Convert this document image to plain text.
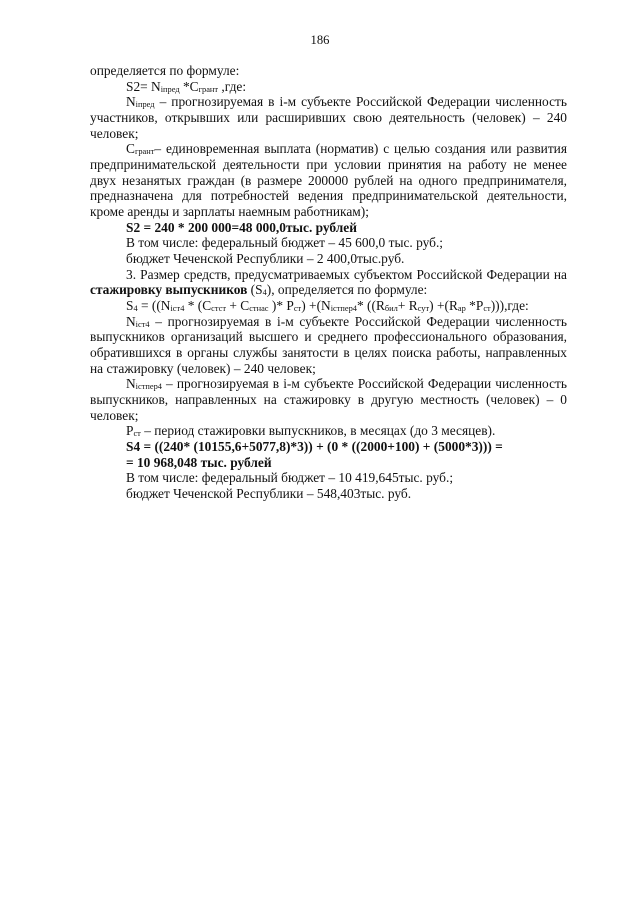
186

определяется по формуле:

$S2= N_{iпред}$ $*С_{грант}$ ,где:

$N_{iпред}$ – прогнозируемая в i-м субъекте Российской Федерации численность участников, открывших или расширивших свою деятельность (человек) – 240 человек;

$С_{грант}-$ единовременная выплата (норматив) с целью создания или развития предпринимательской деятельности при условии принятия на работу не менее двух незанятых граждан (в размере 200000 рублей на одного предпринимателя, предназначена для потребностей ведения предпринимательской деятельности, кроме аренды и зарплаты наемным работникам);

S2 = 240 * 200 000=48 000,0тыс. рублей

В том числе: федеральный бюджет – 45 600,0 тыс. руб.;

бюджет Чеченской Республики – 2 400,0тыс.руб.

3. Размер средств, предусматриваемых субъектом Российской Федерации на стажировку выпускников $(S_4)$, определяется по формуле:

$S_4 = ((N_{iст4} * (С_{стст} + С_{стнас}$ )* $Р_{ст}) +(N_{iстпер4}*$ ($(R_{бил}+ R_{сут}) +(R_{ар}$ $*Р_{ст}))),где$:

$N_{iст4}$ – прогнозируемая в i-м субъекте Российской Федерации численность выпускников организаций высшего и среднего профессионального образования, обратившихся в органы службы занятости в целях поиска работы, направленных на стажировку (человек) – 240 человек;

$N_{iстпер4}$ – прогнозируемая в i-м субъекте Российской Федерации численность выпускников, направленных на стажировку в другую местность (человек) – 0 человек;

$Р_{ст}$ – период стажировки выпускников, в месяцах (до 3 месяцев).

S4 = ((240* (10155,6+5077,8)*3)) + (0 * ((2000+100) + (5000*3))) =

= 10 968,048 тыс. рублей

В том числе: федеральный бюджет – 10 419,645тыс. руб.;

бюджет Чеченской Республики – 548,403тыс. руб.
